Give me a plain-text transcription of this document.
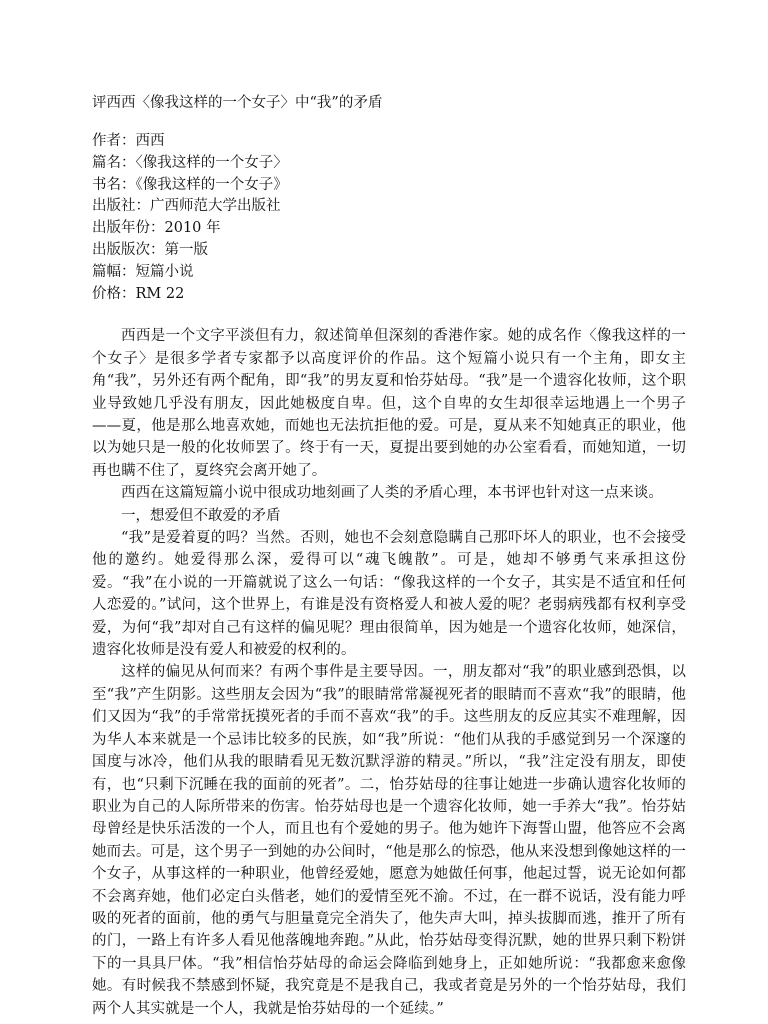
评西西〈像我这样的一个女子〉中“我”的矛盾
作者：西西
篇名：〈像我这样的一个女子〉
书名：《像我这样的一个女子》
出版社：广西师范大学出版社
出版年份：2010 年
出版版次：第一版
篇幅：短篇小说
价格：RM 22

西西是一个文字平淡但有力，叙述简单但深刻的香港作家。她的成名作〈像我这样的一个女子〉是很多学者专家都予以高度评价的作品。这个短篇小说只有一个主角，即女主角“我”，另外还有两个配角，即“我”的男友夏和怡芬姑母。“我”是一个遗容化妆师，这个职业导致她几乎没有朋友，因此她极度自卑。但，这个自卑的女生却很幸运地遇上一个男子——夏，他是那么地喜欢她，而她也无法抗拒他的爱。可是，夏从来不知她真正的职业，他以为她只是一般的化妆师罢了。终于有一天，夏提出要到她的办公室看看，而她知道，一切再也瞒不住了，夏终究会离开她了。

西西在这篇短篇小说中很成功地刻画了人类的矛盾心理，本书评也针对这一点来谈。

一，想爱但不敢爱的矛盾

“我”是爱着夏的吗？当然。否则，她也不会刻意隐瞒自己那吓坏人的职业，也不会接受他的邀约。她爱得那么深，爱得可以“魂飞魄散”。可是，她却不够勇气来承担这份爱。“我”在小说的一开篇就说了这么一句话：“像我这样的一个女子，其实是不适宜和任何人恋爱的。”试问，这个世界上，有谁是没有资格爱人和被人爱的呢？老弱病残都有权利享受爱，为何“我”却对自己有这样的偏见呢？理由很简单，因为她是一个遗容化妆师，她深信，遗容化妆师是没有爱人和被爱的权利的。

这样的偏见从何而来？有两个事件是主要导因。一，朋友都对“我”的职业感到恐惧，以至“我”产生阴影。这些朋友会因为“我”的眼睛常常凝视死者的眼睛而不喜欢“我”的眼睛，他们又因为“我”的手常常抚摸死者的手而不喜欢“我”的手。这些朋友的反应其实不难理解，因为华人本来就是一个忌讳比较多的民族，如“我”所说：“他们从我的手感觉到另一个深邃的国度与冰冷，他们从我的眼睛看见无数沉默浮游的精灵。”所以，“我”注定没有朋友，即使有，也“只剩下沉睡在我的面前的死者”。二，怡芬姑母的往事让她进一步确认遗容化妆师的职业为自己的人际所带来的伤害。怡芬姑母也是一个遗容化妆师，她一手养大“我”。怡芬姑母曾经是快乐活泼的一个人，而且也有个爱她的男子。他为她许下海誓山盟，他答应不会离她而去。可是，这个男子一到她的办公间时，“他是那么的惊恐，他从来没想到像她这样的一个女子，从事这样的一种职业，他曾经爱她，愿意为她做任何事，他起过誓，说无论如何都不会离弃她，他们必定白头偕老，她们的爱情至死不渝。不过，在一群不说话，没有能力呼吸的死者的面前，他的勇气与胆量竟完全消失了，他失声大叫，掉头拔脚而逃，推开了所有的门，一路上有许多人看见他落魄地奔跑。”从此，怡芬姑母变得沉默，她的世界只剩下粉饼下的一具具尸体。“我”相信怡芬姑母的命运会降临到她身上，正如她所说：“我都愈来愈像她。有时候我不禁感到怀疑，我究竟是不是我自己，我或者竟是另外的一个怡芬姑母，我们两个人其实就是一个人，我就是怡芬姑母的一个延续。”
